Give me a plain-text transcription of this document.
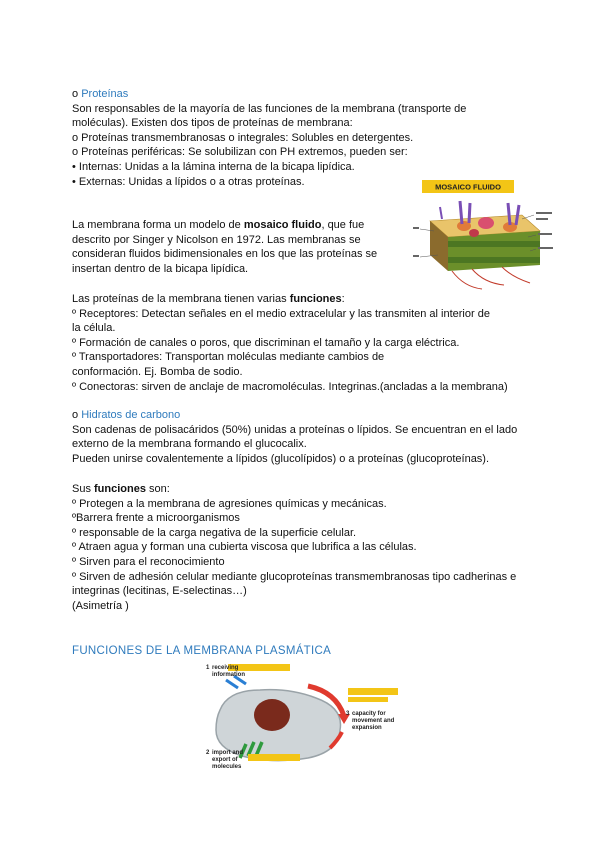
o Proteínas

Son responsables de la mayoría de las funciones de la membrana (transporte de

moléculas). Existen dos tipos de proteínas de membrana:

o Proteínas transmembranosas o integrales: Solubles en detergentes.

o Proteínas periféricas: Se solubilizan con PH extremos, pueden ser:

• Internas: Unidas a la lámina interna de la bicapa lipídica.

• Externas: Unidas a lípidos o a otras proteínas.

La membrana forma un modelo de mosaico fluido, que fue

descrito por Singer y Nicolson en 1972. Las membranas se

consideran fluidos bidimensionales en los que las proteínas se

insertan dentro de la bicapa lipídica.

MOSAICO FLUIDO

Las proteínas de la membrana tienen varias funciones:

º Receptores: Detectan señales en el medio extracelular y las transmiten al interior de

la célula.

º Formación de canales o poros, que discriminan el tamaño y la carga eléctrica.

º Transportadores: Transportan moléculas mediante cambios de

conformación. Ej. Bomba de sodio.

º Conectoras: sirven de anclaje de macromoléculas. Integrinas.(ancladas a la membrana)

o Hidratos de carbono

Son cadenas de polisacáridos (50%) unidas a proteínas o lípidos. Se encuentran en el lado

externo de la membrana formando el glucocalix.

Pueden unirse covalentemente a lípidos (glucolípidos) o a proteínas (glucoproteínas).

Sus funciones son:

º Protegen a la membrana de agresiones químicas y mecánicas.

ºBarrera frente a microorganismos

º responsable de la carga negativa de la superficie celular.

º Atraen agua y forman una cubierta viscosa que lubrifica a las células.

º Sirven para el reconocimiento

º Sirven de adhesión celular mediante glucoproteínas transmembranosas tipo cadherinas e

integrinas (lecitinas, E-selectinas…)

(Asimetría )

FUNCIONES DE LA MEMBRANA PLASMÁTICA

1 receiving
information
2 import and
export of
molecules
3 capacity for
movement and
expansion
